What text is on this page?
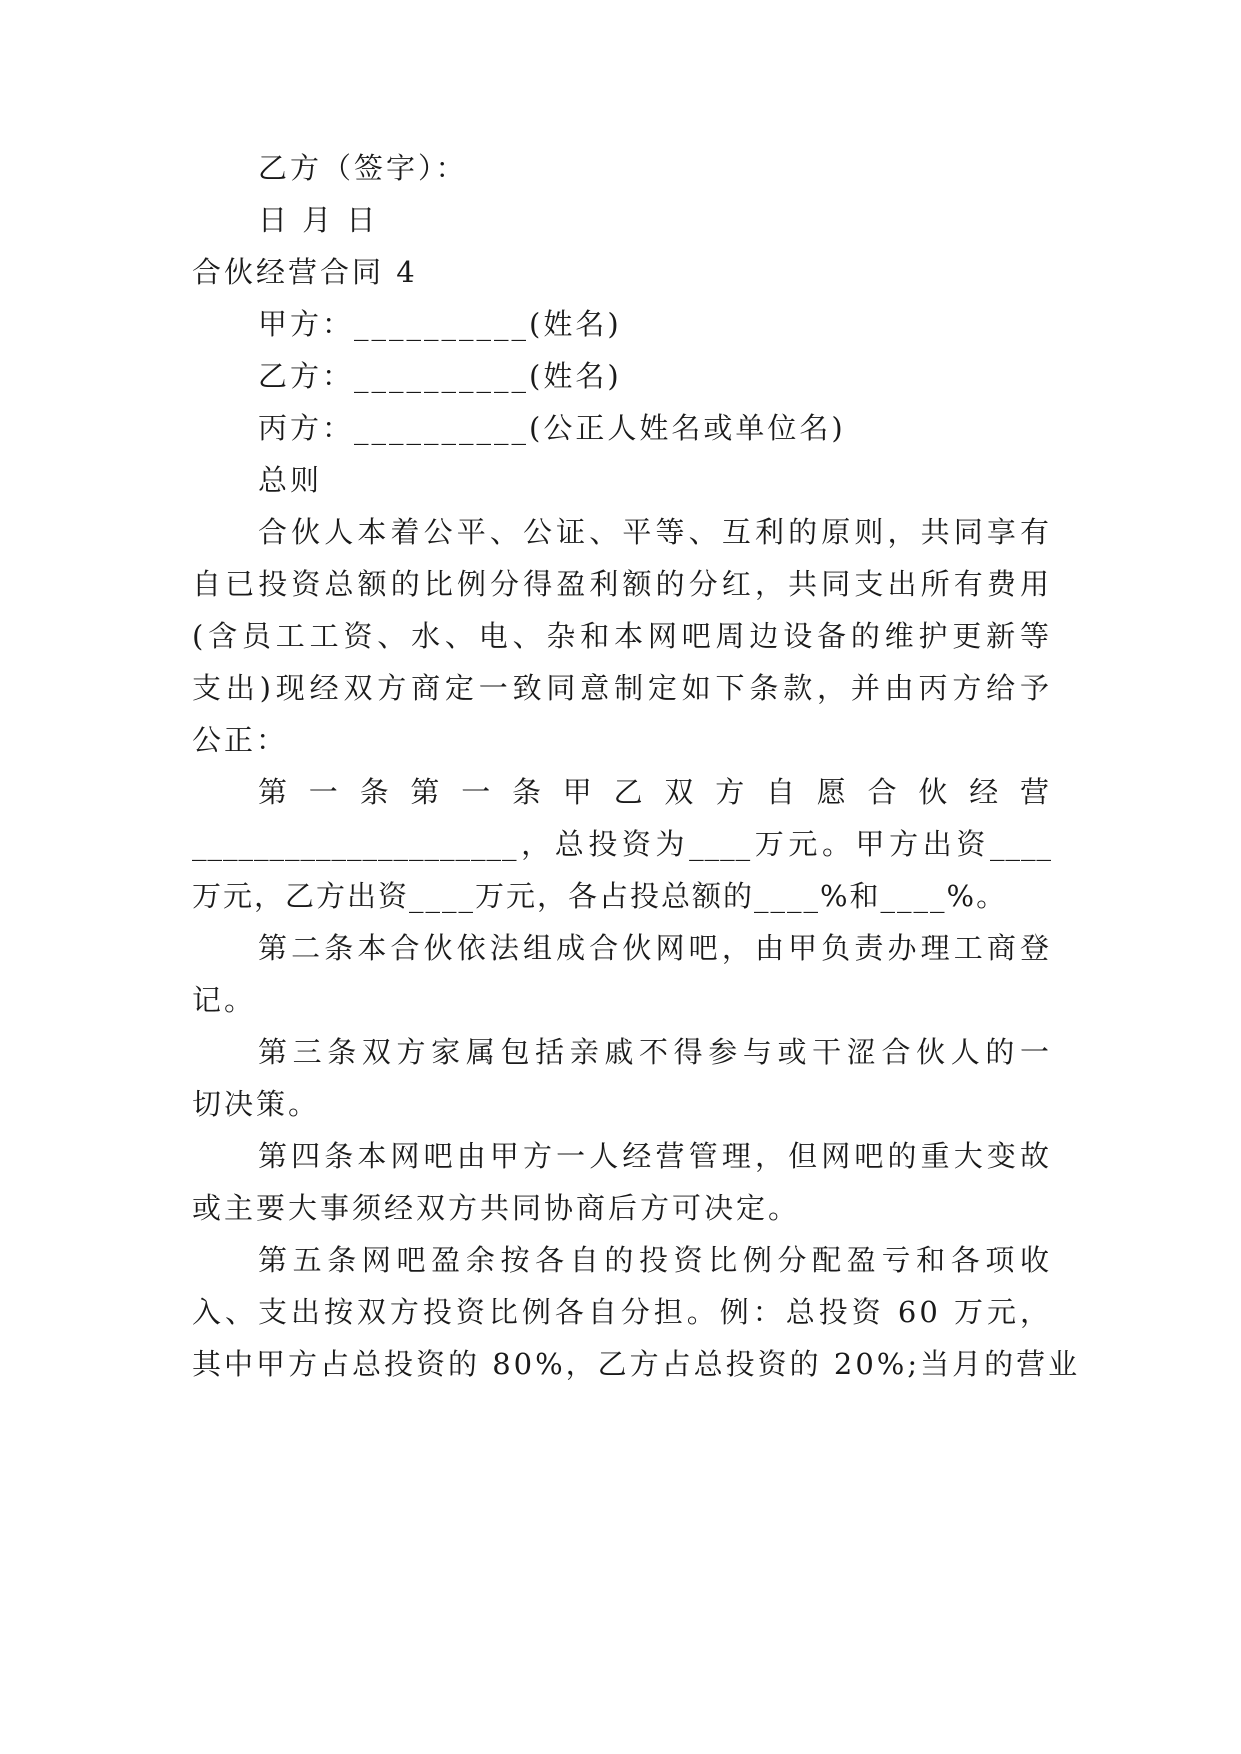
乙方（签字）：
日 月 日
合伙经营合同 4
甲方：__________(姓名)
乙方：__________(姓名)
丙方：__________(公正人姓名或单位名)
总则
合伙人本着公平、公证、平等、互利的原则，共同享有
自已投资总额的比例分得盈利额的分红，共同支出所有费用
(含员工工资、水、电、杂和本网吧周边设备的维护更新等
支出)现经双方商定一致同意制定如下条款，并由丙方给予
公正：
第 一 条 第 一 条 甲 乙 双 方 自 愿 合 伙 经 营
_____________________，总投资为____万元。甲方出资____
万元，乙方出资____万元，各占投总额的____%和____%。
第二条本合伙依法组成合伙网吧，由甲负责办理工商登
记。
第三条双方家属包括亲戚不得参与或干涩合伙人的一
切决策。
第四条本网吧由甲方一人经营管理，但网吧的重大变故
或主要大事须经双方共同协商后方可决定。
第五条网吧盈余按各自的投资比例分配盈亏和各项收
入、支出按双方投资比例各自分担。例：总投资 60 万元，
其中甲方占总投资的 80%，乙方占总投资的 20%;当月的营业
